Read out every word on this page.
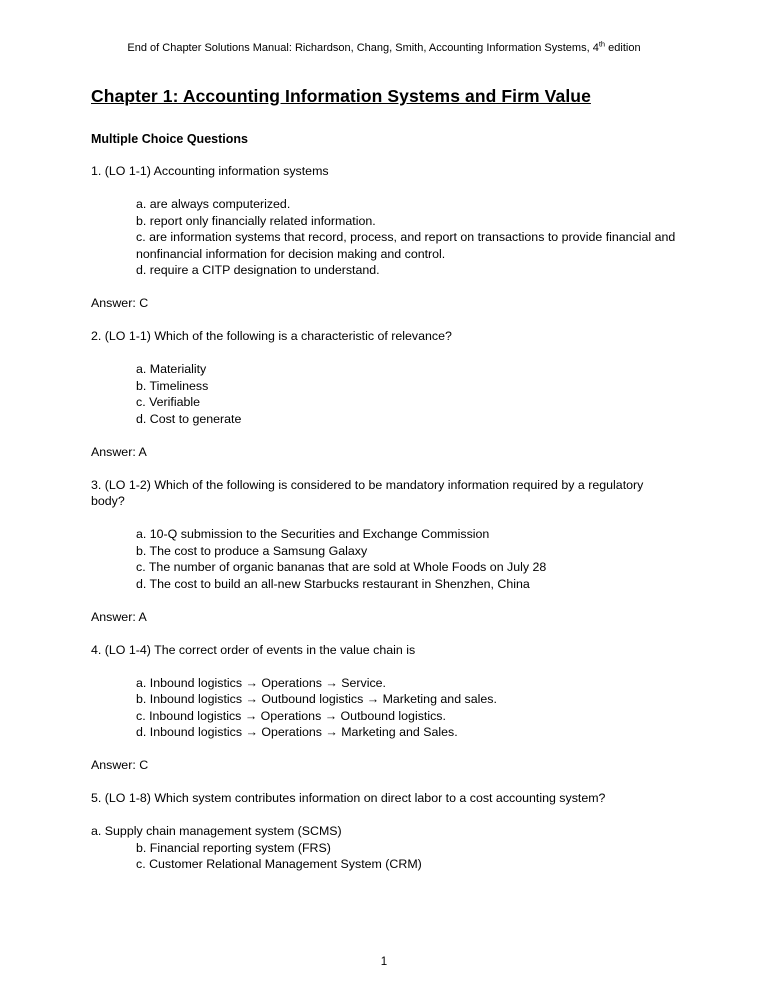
End of Chapter Solutions Manual: Richardson, Chang, Smith, Accounting Information Systems, 4th edition

Chapter 1: Accounting Information Systems and Firm Value
Multiple Choice Questions

1. (LO 1-1) Accounting information systems

a. are always computerized.

b. report only financially related information.

c. are information systems that record, process, and report on transactions to provide financial and nonfinancial information for decision making and control.

d. require a CITP designation to understand.

Answer: C

2. (LO 1-1) Which of the following is a characteristic of relevance?

a. Materiality

b. Timeliness

c. Verifiable

d. Cost to generate

Answer: A

3. (LO 1-2) Which of the following is considered to be mandatory information required by a regulatory body?

a. 10-Q submission to the Securities and Exchange Commission

b. The cost to produce a Samsung Galaxy

c. The number of organic bananas that are sold at Whole Foods on July 28

d. The cost to build an all-new Starbucks restaurant in Shenzhen, China

Answer: A

4. (LO 1-4) The correct order of events in the value chain is

a. Inbound logistics → Operations → Service.

b. Inbound logistics → Outbound logistics → Marketing and sales.

c. Inbound logistics → Operations → Outbound logistics.

d. Inbound logistics → Operations → Marketing and Sales.

Answer: C

5. (LO 1-8) Which system contributes information on direct labor to a cost accounting system?

a. Supply chain management system (SCMS)

b. Financial reporting system (FRS)

c. Customer Relational Management System (CRM)

1
